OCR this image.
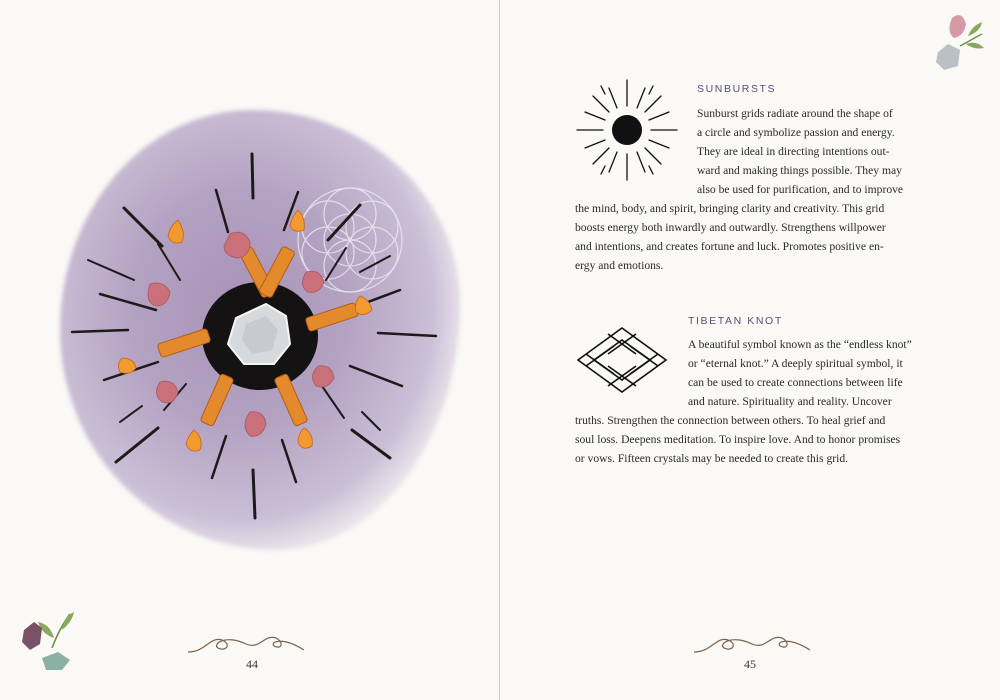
44
SUNBURSTS
Sunburst grids radiate around the shape of
a circle and symbolize passion and energy.
They are ideal in directing intentions out-
ward and making things possible. They may
also be used for purification, and to improve
the mind, body, and spirit, bringing clarity and creativity. This grid
boosts energy both inwardly and outwardly. Strengthens willpower
and intentions, and creates fortune and luck. Promotes positive en-
ergy and emotions.
TIBETAN KNOT
A beautiful symbol known as the “endless knot”
or “eternal knot.” A deeply spiritual symbol, it
can be used to create connections between life
and nature. Spirituality and reality. Uncover
truths. Strengthen the connection between others. To heal grief and
soul loss. Deepens meditation. To inspire love. And to honor promises
or vows. Fifteen crystals may be needed to create this grid.
45
